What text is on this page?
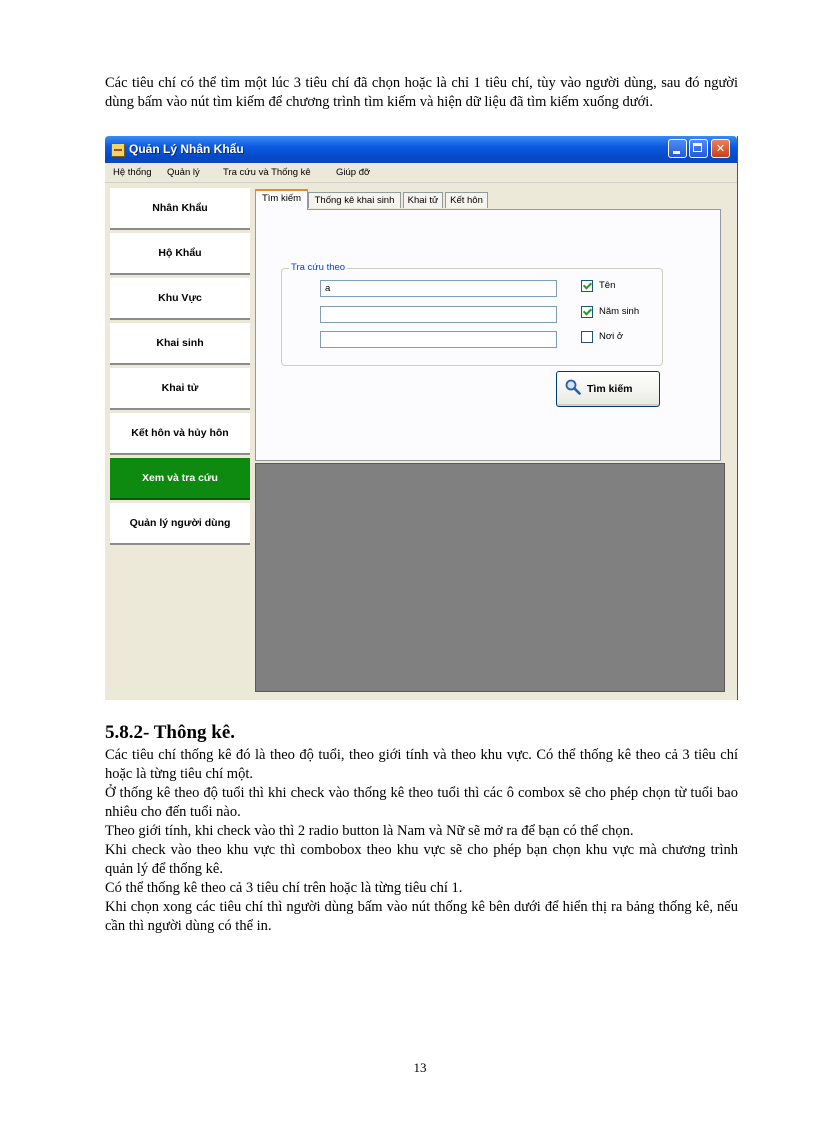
Các tiêu chí có thể tìm một lúc 3 tiêu chí đã chọn hoặc là chỉ 1 tiêu chí, tùy vào người dùng, sau đó người dùng bấm vào nút tìm kiếm để chương trình tìm kiếm và hiện dữ liệu đã tìm kiếm xuống dưới.

Quản Lý Nhân Khẩu	✕
Hệ thống Quản lý Tra cứu và Thống kê	Giúp đỡ
Nhân Khẩu
Hộ Khẩu
Khu Vực
Khai sinh
Khai tử
Kết hôn và hủy hôn
Xem và tra cứu
Quản lý người dùng
Tìm kiếm	Thống kê khai sinh	Khai tử	Kết hôn
Tra cứu theo
a	Tên
Năm sinh
Nơi ở
Tìm kiếm
5.8.2- Thông kê.

Các tiêu chí thống kê đó là theo độ tuổi, theo giới tính và theo khu vực. Có thể thống kê theo cả 3 tiêu chí hoặc là từng tiêu chí một.

Ở thống kê theo độ tuổi thì khi check vào thống kê theo tuổi thì các ô combox sẽ cho phép chọn từ tuổi bao nhiêu cho đến tuổi nào.

Theo giới tính, khi check vào thì 2 radio button là Nam và Nữ sẽ mở ra để bạn có thể chọn.

Khi check vào theo khu vực thì combobox theo khu vực sẽ cho phép bạn chọn khu vực mà chương trình quản lý để thống kê.

Có thể thống kê theo cả 3 tiêu chí trên hoặc là từng tiêu chí 1.

Khi chọn xong các tiêu chí thì người dùng bấm vào nút thống kê bên dưới để hiển thị ra bảng thống kê, nếu cần thì người dùng có thể in.

13
